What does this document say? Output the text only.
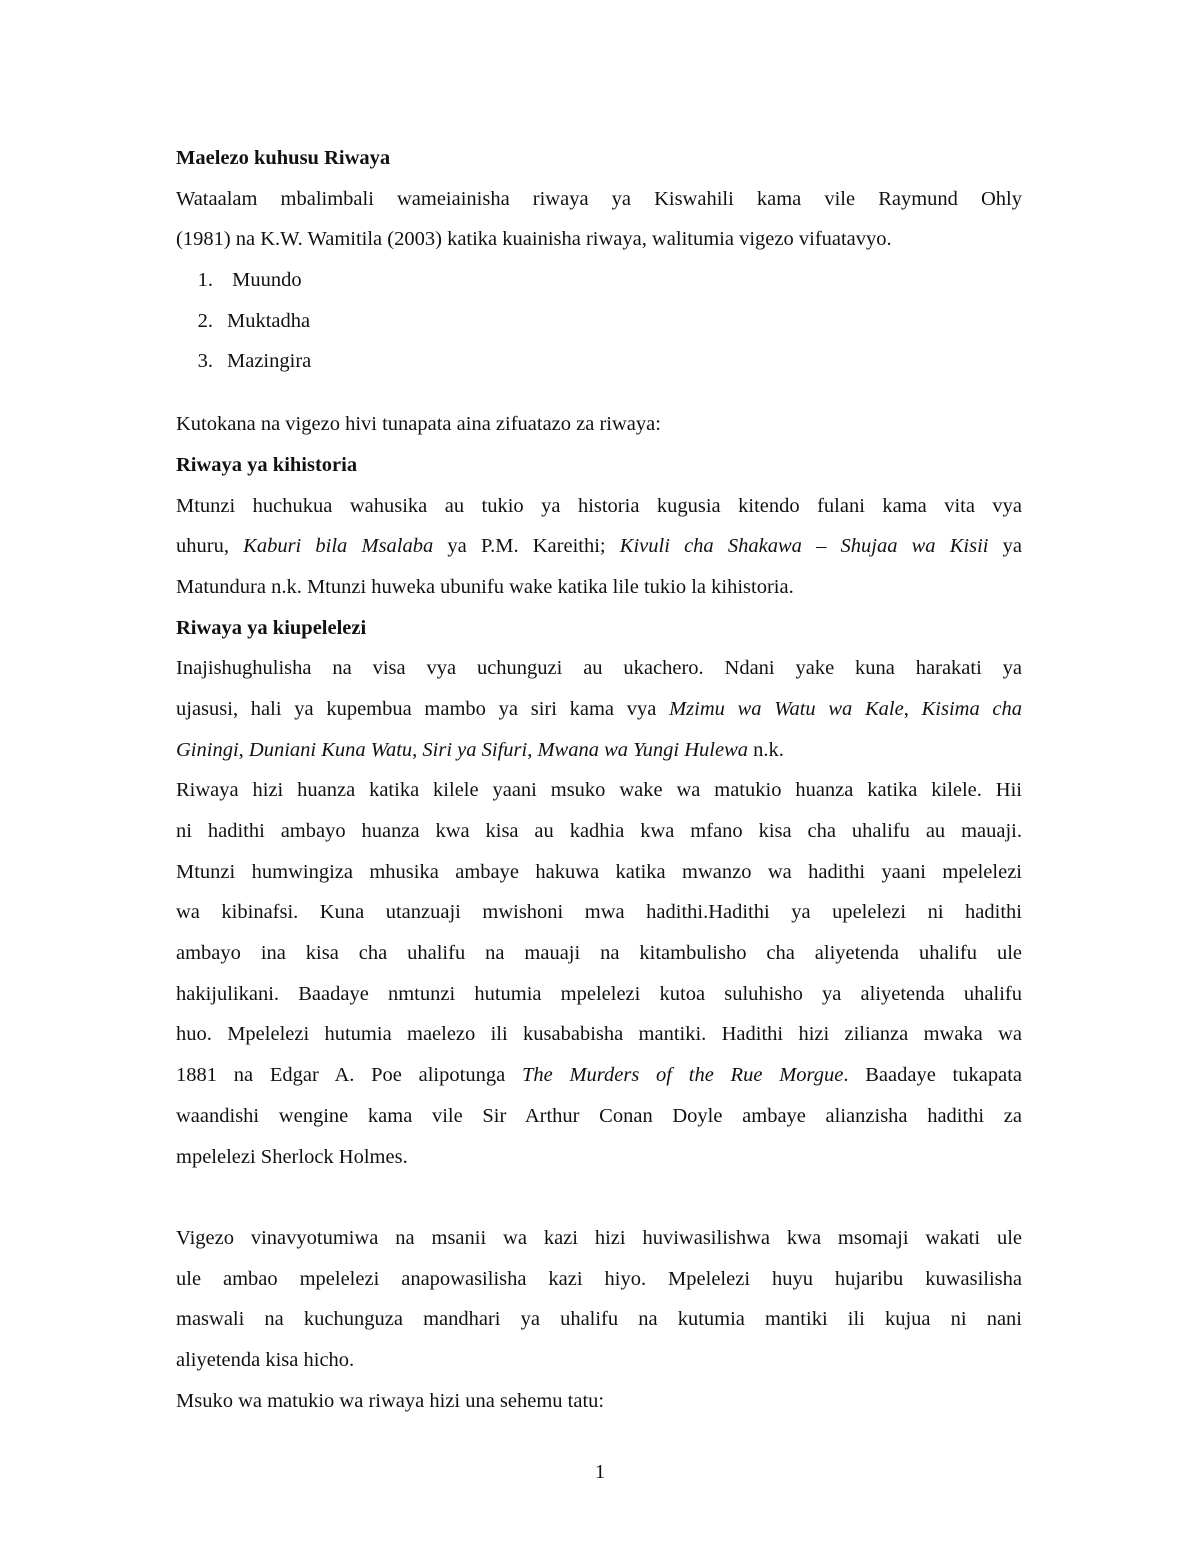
Maelezo kuhusu Riwaya
Wataalam mbalimbali wameiainisha riwaya ya Kiswahili kama vile Raymund Ohly
(1981) na K.W. Wamitila (2003) katika kuainisha riwaya, walitumia vigezo vifuatavyo.
1. Muundo
2. Muktadha
3. Mazingira
Kutokana na vigezo hivi tunapata aina zifuatazo za riwaya:
Riwaya ya kihistoria
Mtunzi huchukua wahusika au tukio ya historia kugusia kitendo fulani kama vita vya
uhuru, Kaburi bila Msalaba ya P.M. Kareithi; Kivuli cha Shakawa – Shujaa wa Kisii ya
Matundura n.k. Mtunzi huweka ubunifu wake katika lile tukio la kihistoria.
Riwaya ya kiupelelezi
Inajishughulisha na visa vya uchunguzi au ukachero. Ndani yake kuna harakati ya
ujasusi, hali ya kupembua mambo ya siri kama vya Mzimu wa Watu wa Kale, Kisima cha
Giningi, Duniani Kuna Watu, Siri ya Sifuri, Mwana wa Yungi Hulewa n.k.
Riwaya hizi huanza katika kilele yaani msuko wake wa matukio huanza katika kilele. Hii
ni hadithi ambayo huanza kwa kisa au kadhia kwa mfano kisa cha uhalifu au mauaji.
Mtunzi humwingiza mhusika ambaye hakuwa katika mwanzo wa hadithi yaani mpelelezi
wa kibinafsi. Kuna utanzuaji mwishoni mwa hadithi.Hadithi ya upelelezi ni hadithi
ambayo ina kisa cha uhalifu na mauaji na kitambulisho cha aliyetenda uhalifu ule
hakijulikani. Baadaye nmtunzi hutumia mpelelezi kutoa suluhisho ya aliyetenda uhalifu
huo. Mpelelezi hutumia maelezo ili kusababisha mantiki. Hadithi hizi zilianza mwaka wa
1881 na Edgar A. Poe alipotunga The Murders of the Rue Morgue. Baadaye tukapata
waandishi wengine kama vile Sir Arthur Conan Doyle ambaye alianzisha hadithi za
mpelelezi Sherlock Holmes.
Vigezo vinavyotumiwa na msanii wa kazi hizi huviwasilishwa kwa msomaji wakati ule
ule ambao mpelelezi anapowasilisha kazi hiyo. Mpelelezi huyu hujaribu kuwasilisha
maswali na kuchunguza mandhari ya uhalifu na kutumia mantiki ili kujua ni nani
aliyetenda kisa hicho.
Msuko wa matukio wa riwaya hizi una sehemu tatu:
1
